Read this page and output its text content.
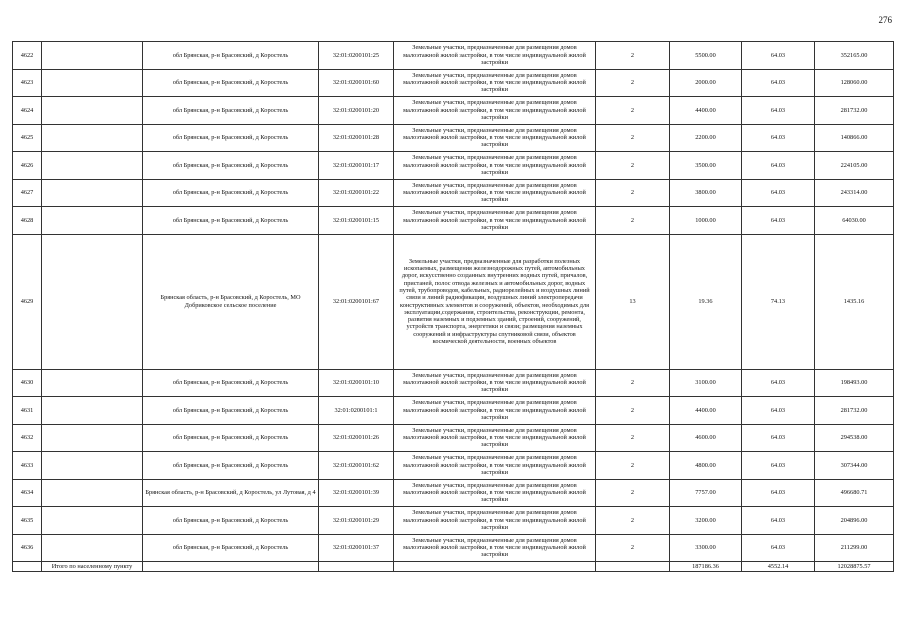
276
4622		обл Брянская, р-н Брасовский, д Коростель	32:01:0200101:25	Земельные участки, предназначенные для размещения домов малоэтажной жилой застройки, в том числе индивидуальной жилой застройки	2	5500.00	64.03	352165.00
4623		обл Брянская, р-н Брасовский, д Коростель	32:01:0200101:60	Земельные участки, предназначенные для размещения домов малоэтажной жилой застройки, в том числе индивидуальной жилой застройки	2	2000.00	64.03	128060.00
4624		обл Брянская, р-н Брасовский, д Коростель	32:01:0200101:20	Земельные участки, предназначенные для размещения домов малоэтажной жилой застройки, в том числе индивидуальной жилой застройки	2	4400.00	64.03	281732.00
4625		обл Брянская, р-н Брасовский, д Коростель	32:01:0200101:28	Земельные участки, предназначенные для размещения домов малоэтажной жилой застройки, в том числе индивидуальной жилой застройки	2	2200.00	64.03	140866.00
4626		обл Брянская, р-н Брасовский, д Коростель	32:01:0200101:17	Земельные участки, предназначенные для размещения домов малоэтажной жилой застройки, в том числе индивидуальной жилой застройки	2	3500.00	64.03	224105.00
4627		обл Брянская, р-н Брасовский, д Коростель	32:01:0200101:22	Земельные участки, предназначенные для размещения домов малоэтажной жилой застройки, в том числе индивидуальной жилой застройки	2	3800.00	64.03	243314.00
4628		обл Брянская, р-н Брасовский, д Коростель	32:01:0200101:15	Земельные участки, предназначенные для размещения домов малоэтажной жилой застройки, в том числе индивидуальной жилой застройки	2	1000.00	64.03	64030.00
4629		Брянская область, р-н Брасовский, д Коростель, МО Добриковское сельское поселение	32:01:0200101:67	Земельные участки, предназначенные для разработки полезных ископаемых, размещения железнодорожных путей, автомобильных дорог, искусственно созданных внутренних водных путей, причалов, пристаней, полос отвода железных и автомобильных дорог, водных путей, трубопроводов, кабельных, радиорелейных и воздушных линий связи и линий радиофикации, воздушных линий электропередачи конструктивных элементов и сооружений, объектов, необходимых для эксплуатации,содержания, строительства, реконструкции, ремонта, развития наземных и подземных зданий, строений, сооружений, устройств транспорта, энергетики и связи; размещения наземных сооружений и инфраструктуры спутниковой связи, объектов космической деятельности, военных объектов	13	19.36	74.13	1435.16
4630		обл Брянская, р-н Брасовский, д Коростель	32:01:0200101:10	Земельные участки, предназначенные для размещения домов малоэтажной жилой застройки, в том числе индивидуальной жилой застройки	2	3100.00	64.03	198493.00
4631		обл Брянская, р-н Брасовский, д Коростель	32:01:0200101:1	Земельные участки, предназначенные для размещения домов малоэтажной жилой застройки, в том числе индивидуальной жилой застройки	2	4400.00	64.03	281732.00
4632		обл Брянская, р-н Брасовский, д Коростель	32:01:0200101:26	Земельные участки, предназначенные для размещения домов малоэтажной жилой застройки, в том числе индивидуальной жилой застройки	2	4600.00	64.03	294538.00
4633		обл Брянская, р-н Брасовский, д Коростель	32:01:0200101:62	Земельные участки, предназначенные для размещения домов малоэтажной жилой застройки, в том числе индивидуальной жилой застройки	2	4800.00	64.03	307344.00
4634		Брянская область, р-н Брасовский, д Коростель, ул Лутовая, д 4	32:01:0200101:39	Земельные участки, предназначенные для размещения домов малоэтажной жилой застройки, в том числе индивидуальной жилой застройки	2	7757.00	64.03	496680.71
4635		обл Брянская, р-н Брасовский, д Коростель	32:01:0200101:29	Земельные участки, предназначенные для размещения домов малоэтажной жилой застройки, в том числе индивидуальной жилой застройки	2	3200.00	64.03	204896.00
4636		обл Брянская, р-н Брасовский, д Коростель	32:01:0200101:37	Земельные участки, предназначенные для размещения домов малоэтажной жилой застройки, в том числе индивидуальной жилой застройки	2	3300.00	64.03	211299.00
	Итого по населенному пункту					187186.36	4552.14	12028875.57
